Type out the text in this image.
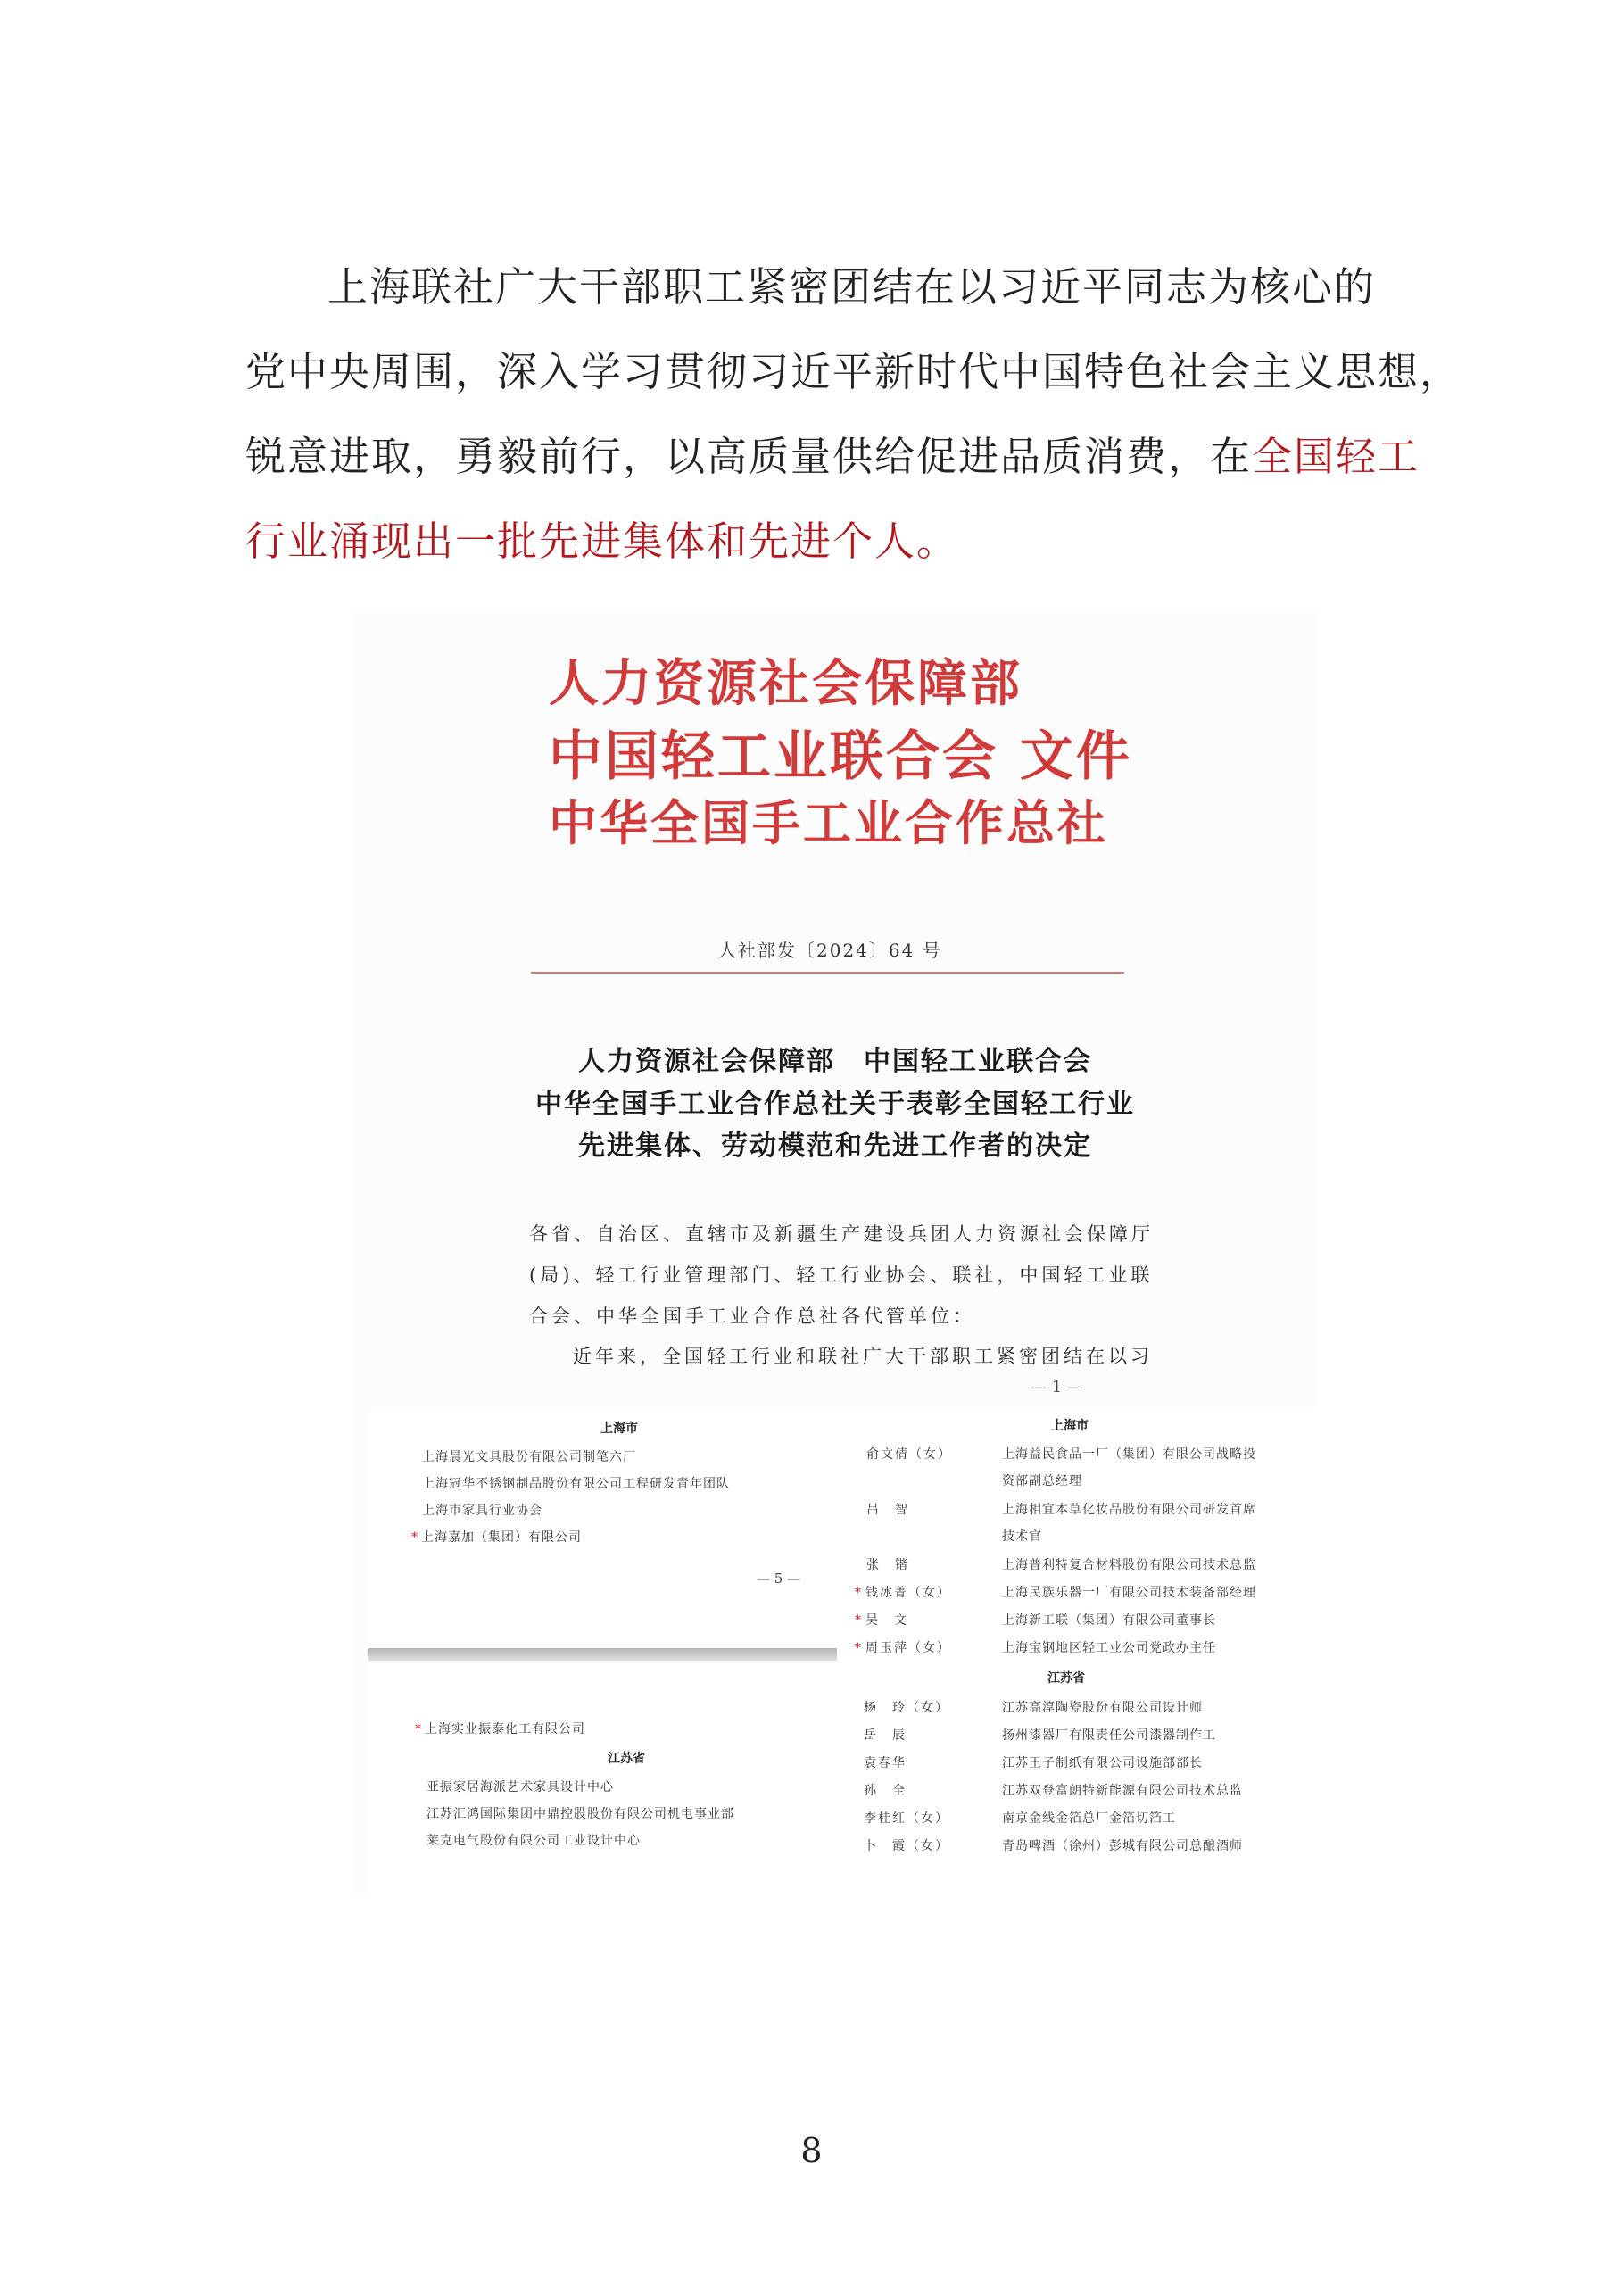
上海联社广大干部职工紧密团结在以习近平同志为核心的
党中央周围，深入学习贯彻习近平新时代中国特色社会主义思想，
锐意进取，勇毅前行，以高质量供给促进品质消费，在全国轻工
行业涌现出一批先进集体和先进个人。
人力资源社会保障部
中国轻工业联合会 文件
中华全国手工业合作总社
人社部发〔2024〕64 号
人力资源社会保障部　中国轻工业联合会
中华全国手工业合作总社关于表彰全国轻工行业
先进集体、劳动模范和先进工作者的决定
各省、自治区、直辖市及新疆生产建设兵团人力资源社会保障厅
(局)、轻工行业管理部门、轻工行业协会、联社，中国轻工业联
合会、中华全国手工业合作总社各代管单位：
近年来，全国轻工行业和联社广大干部职工紧密团结在以习
— 1 —
上海市
上海晨光文具股份有限公司制笔六厂
上海冠华不锈钢制品股份有限公司工程研发青年团队
上海市家具行业协会
* 上海嘉加（集团）有限公司
— 5 —
* 上海实业振泰化工有限公司
江苏省
亚振家居海派艺术家具设计中心
江苏汇鸿国际集团中鼎控股股份有限公司机电事业部
莱克电气股份有限公司工业设计中心
上海市
俞文倩（女）	上海益民食品一厂（集团）有限公司战略投
资部副总经理
吕　智	上海相宜本草化妆品股份有限公司研发首席
技术官
张　锴	上海普利特复合材料股份有限公司技术总监
* 钱冰菁（女）	上海民族乐器一厂有限公司技术装备部经理
* 吴　文	上海新工联（集团）有限公司董事长
* 周玉萍（女）	上海宝钢地区轻工业公司党政办主任
江苏省
杨　玲（女）	江苏高淳陶瓷股份有限公司设计师
岳　辰	扬州漆器厂有限责任公司漆器制作工
袁春华	江苏王子制纸有限公司设施部部长
孙　全	江苏双登富朗特新能源有限公司技术总监
李桂红（女）	南京金线金箔总厂金箔切箔工
卜　霞（女）	青岛啤酒（徐州）彭城有限公司总酿酒师
8
